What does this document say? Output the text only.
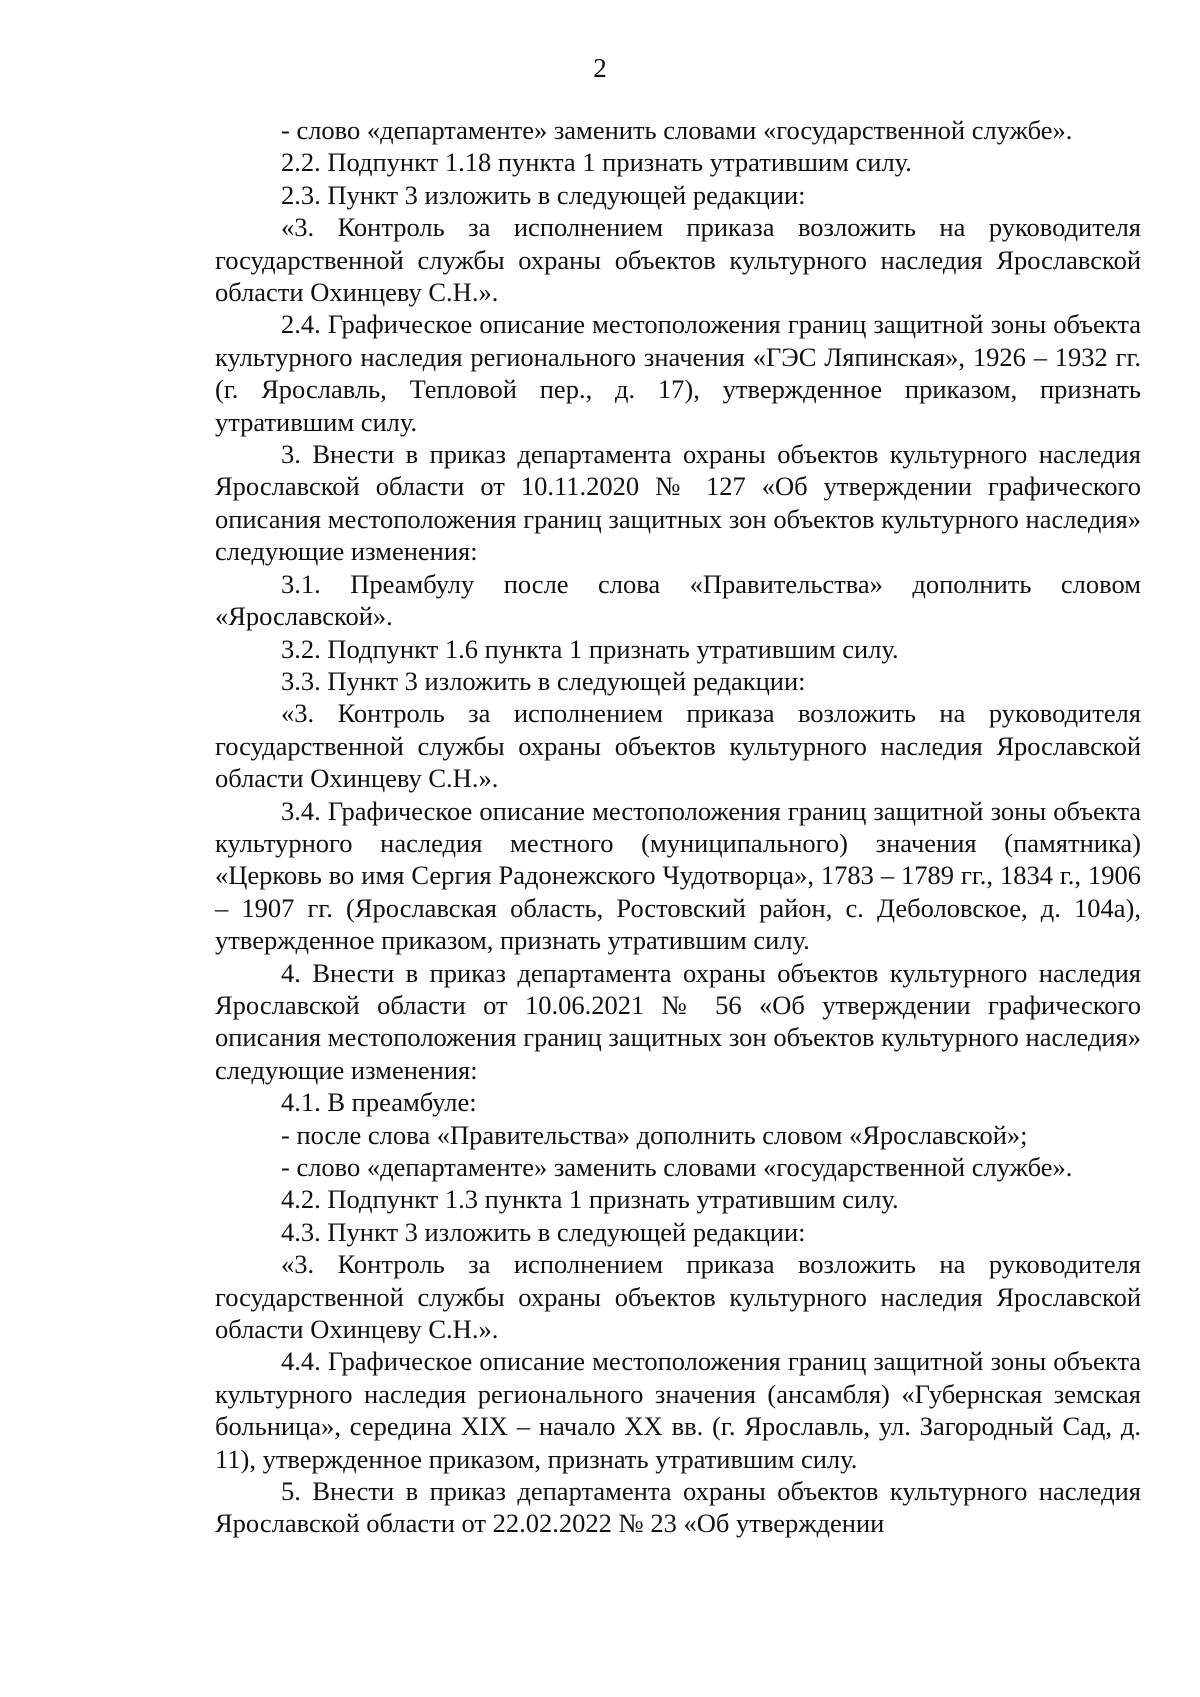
2

- слово «департаменте» заменить словами «государственной службе».

2.2. Подпункт 1.18 пункта 1 признать утратившим силу.

2.3. Пункт 3 изложить в следующей редакции:

«3. Контроль за исполнением приказа возложить на руководителя государственной службы охраны объектов культурного наследия Ярославской области Охинцеву С.Н.».

2.4. Графическое описание местоположения границ защитной зоны объекта культурного наследия регионального значения «ГЭС Ляпинская», 1926 – 1932 гг. (г. Ярославль, Тепловой пер., д. 17), утвержденное приказом, признать утратившим силу.

3. Внести в приказ департамента охраны объектов культурного наследия Ярославской области от 10.11.2020 № 127 «Об утверждении графического описания местоположения границ защитных зон объектов культурного наследия» следующие изменения:

3.1. Преамбулу после слова «Правительства» дополнить словом «Ярославской».

3.2. Подпункт 1.6 пункта 1 признать утратившим силу.

3.3. Пункт 3 изложить в следующей редакции:

«3. Контроль за исполнением приказа возложить на руководителя государственной службы охраны объектов культурного наследия Ярославской области Охинцеву С.Н.».

3.4. Графическое описание местоположения границ защитной зоны объекта культурного наследия местного (муниципального) значения (памятника) «Церковь во имя Сергия Радонежского Чудотворца», 1783 – 1789 гг., 1834 г., 1906 – 1907 гг. (Ярославская область, Ростовский район, с. Деболовское, д. 104а), утвержденное приказом, признать утратившим силу.

4. Внести в приказ департамента охраны объектов культурного наследия Ярославской области от 10.06.2021 № 56 «Об утверждении графического описания местоположения границ защитных зон объектов культурного наследия» следующие изменения:

4.1. В преамбуле:

- после слова «Правительства» дополнить словом «Ярославской»;

- слово «департаменте» заменить словами «государственной службе».

4.2. Подпункт 1.3 пункта 1 признать утратившим силу.

4.3. Пункт 3 изложить в следующей редакции:

«3. Контроль за исполнением приказа возложить на руководителя государственной службы охраны объектов культурного наследия Ярославской области Охинцеву С.Н.».

4.4. Графическое описание местоположения границ защитной зоны объекта культурного наследия регионального значения (ансамбля) «Губернская земская больница», середина XIX – начало XX вв. (г. Ярославль, ул. Загородный Сад, д. 11), утвержденное приказом, признать утратившим силу.

5. Внести в приказ департамента охраны объектов культурного наследия Ярославской области от 22.02.2022 № 23 «Об утверждении
